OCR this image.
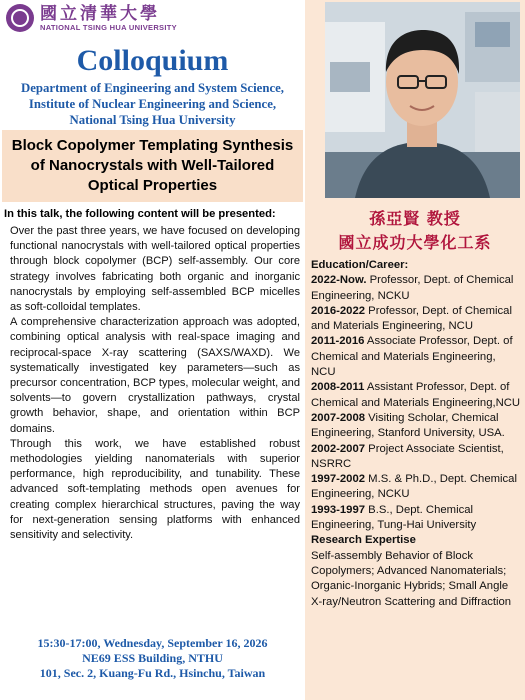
國立清華大學
NATIONAL TSING HUA UNIVERSITY
Colloquium
Department of Engineering and System Science,
Institute of Nuclear Engineering and Science,
National Tsing Hua University
Block Copolymer Templating Synthesis
of Nanocrystals with Well-Tailored
Optical Properties
In this talk, the following content will be presented:

Over the past three years, we have focused on developing functional nanocrystals with well-tailored optical properties through block copolymer (BCP) self-assembly. Our core strategy involves fabricating both organic and inorganic nanocrystals by employing self-assembled BCP micelles as soft-colloidal templates.

A comprehensive characterization approach was adopted, combining optical analysis with real-space imaging and reciprocal-space X-ray scattering (SAXS/WAXD). We systematically investigated key parameters—such as precursor concentration, BCP types, molecular weight, and solvents—to govern crystallization pathways, crystal growth behavior, shape, and orientation within BCP domains.

Through this work, we have established robust methodologies yielding nanomaterials with superior performance, high reproducibility, and tunability. These advanced soft-templating methods open avenues for creating complex hierarchical structures, paving the way for next-generation sensing platforms with enhanced sensitivity and selectivity.

15:30-17:00, Wednesday, September 16, 2026
NE69 ESS Building, NTHU
101, Sec. 2, Kuang-Fu Rd., Hsinchu, Taiwan
孫亞賢 教授
國立成功大學化工系
Education/Career:

2022-Now. Professor, Dept. of Chemical Engineering, NCKU

2016-2022 Professor, Dept. of Chemical and Materials Engineering, NCU

2011-2016 Associate Professor, Dept. of Chemical and Materials Engineering, NCU

2008-2011 Assistant Professor, Dept. of Chemical and Materials Engineering,NCU

2007-2008 Visiting Scholar, Chemical Engineering, Stanford University, USA.

2002-2007 Project Associate Scientist, NSRRC

1997-2002 M.S. & Ph.D., Dept. Chemical Engineering, NCKU

1993-1997 B.S., Dept. Chemical Engineering, Tung-Hai University

Research Expertise
Self-assembly Behavior of Block Copolymers; Advanced Nanomaterials; Organic-Inorganic Hybrids; Small Angle X-ray/Neutron Scattering and Diffraction
